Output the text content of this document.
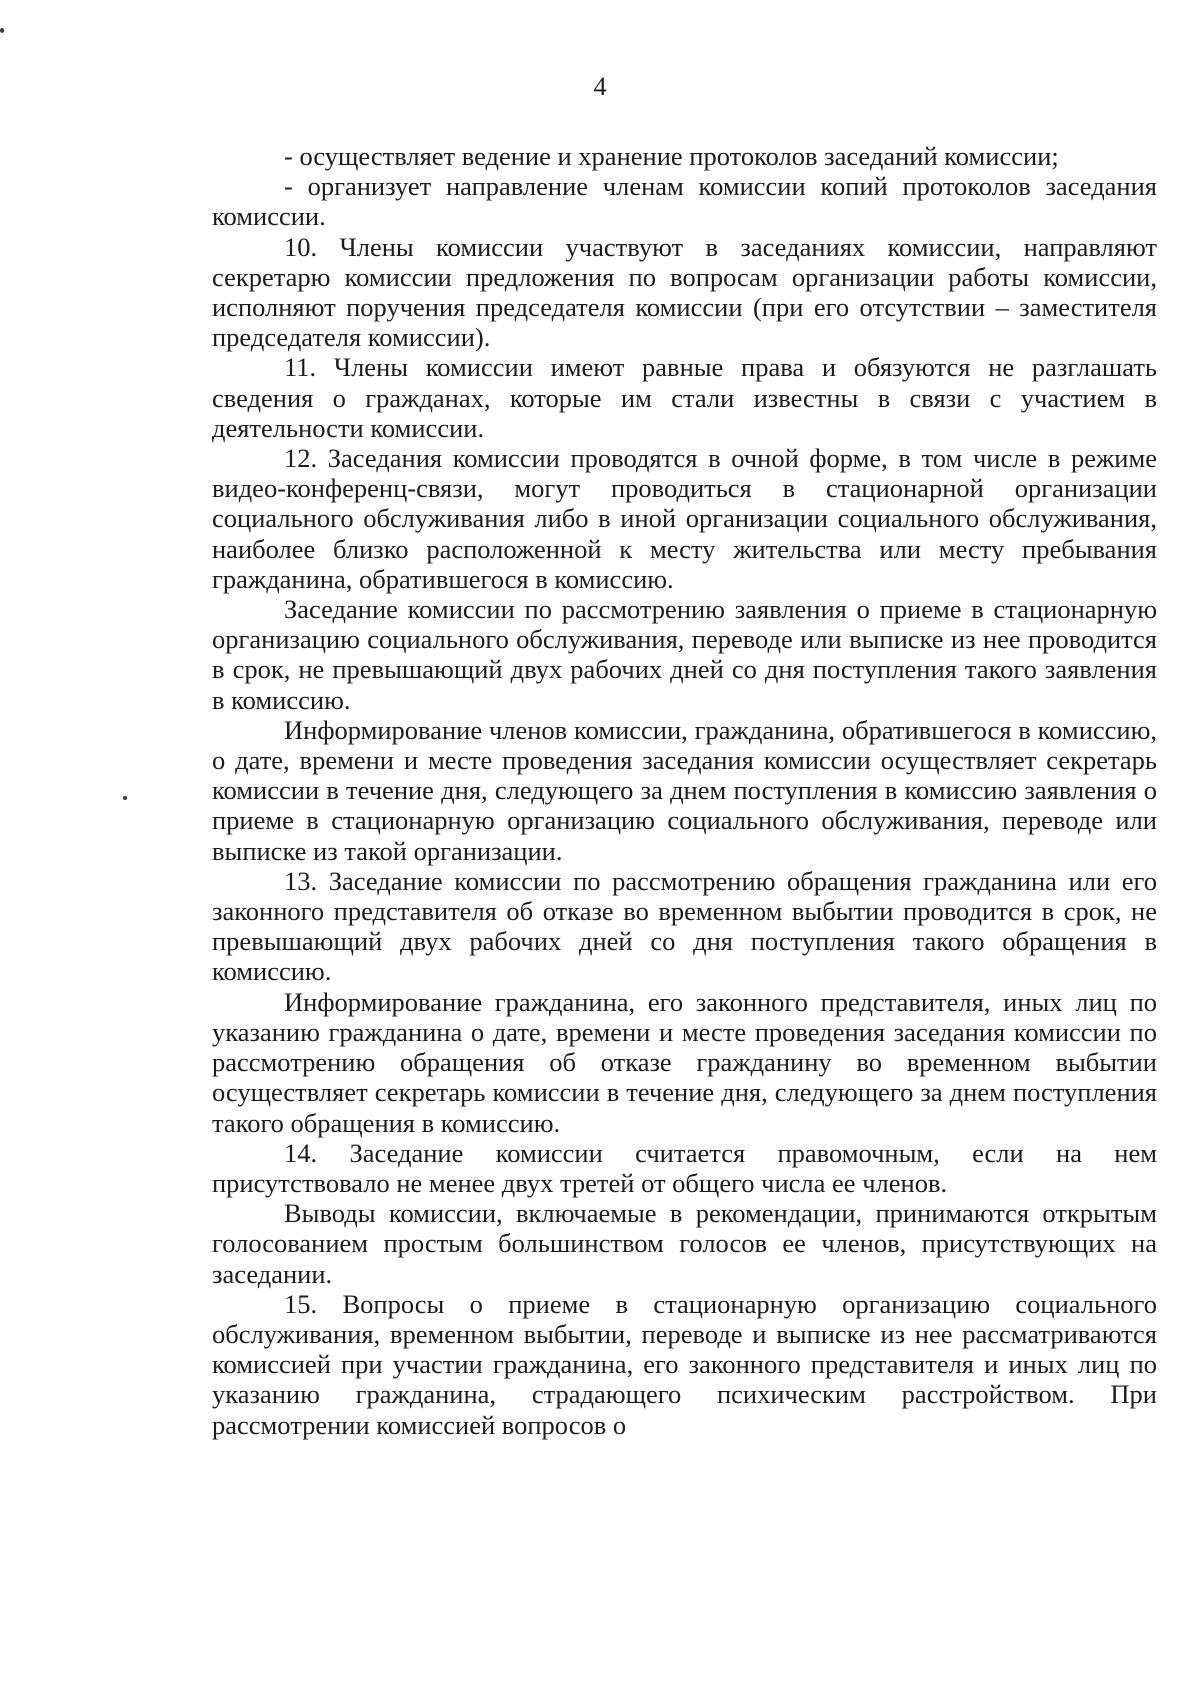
4

- осуществляет ведение и хранение протоколов заседаний комиссии;

- организует направление членам комиссии копий протоколов заседания комиссии.

10. Члены комиссии участвуют в заседаниях комиссии, направляют секретарю комиссии предложения по вопросам организации работы комиссии, исполняют поручения председателя комиссии (при его отсутствии – заместителя председателя комиссии).

11. Члены комиссии имеют равные права и обязуются не разглашать сведения о гражданах, которые им стали известны в связи с участием в деятельности комиссии.

12. Заседания комиссии проводятся в очной форме, в том числе в режиме видео-конференц-связи, могут проводиться в стационарной организации социального обслуживания либо в иной организации социального обслуживания, наиболее близко расположенной к месту жительства или месту пребывания гражданина, обратившегося в комиссию.

Заседание комиссии по рассмотрению заявления о приеме в стационарную организацию социального обслуживания, переводе или выписке из нее проводится в срок, не превышающий двух рабочих дней со дня поступления такого заявления в комиссию.

Информирование членов комиссии, гражданина, обратившегося в комиссию, о дате, времени и месте проведения заседания комиссии осуществляет секретарь комиссии в течение дня, следующего за днем поступления в комиссию заявления о приеме в стационарную организацию социального обслуживания, переводе или выписке из такой организации.

13. Заседание комиссии по рассмотрению обращения гражданина или его законного представителя об отказе во временном выбытии проводится в срок, не превышающий двух рабочих дней со дня поступления такого обращения в комиссию.

Информирование гражданина, его законного представителя, иных лиц по указанию гражданина о дате, времени и месте проведения заседания комиссии по рассмотрению обращения об отказе гражданину во временном выбытии осуществляет секретарь комиссии в течение дня, следующего за днем поступления такого обращения в комиссию.

14. Заседание комиссии считается правомочным, если на нем присутствовало не менее двух третей от общего числа ее членов.

Выводы комиссии, включаемые в рекомендации, принимаются открытым голосованием простым большинством голосов ее членов, присутствующих на заседании.

15. Вопросы о приеме в стационарную организацию социального обслуживания, временном выбытии, переводе и выписке из нее рассматриваются комиссией при участии гражданина, его законного представителя и иных лиц по указанию гражданина, страдающего психическим расстройством. При рассмотрении комиссией вопросов о
